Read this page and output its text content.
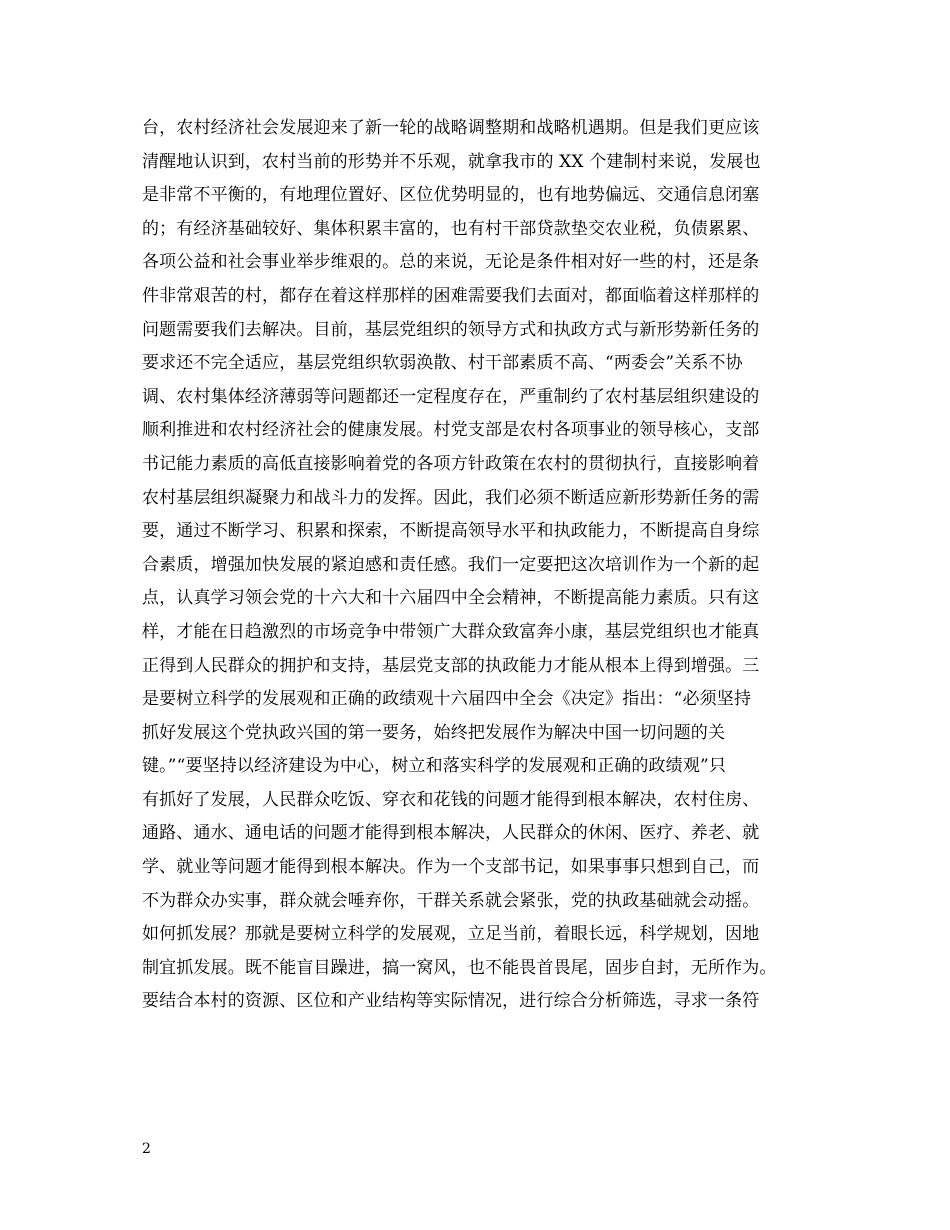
台，农村经济社会发展迎来了新一轮的战略调整期和战略机遇期。但是我们更应该
清醒地认识到，农村当前的形势并不乐观，就拿我市的 XX 个建制村来说，发展也
是非常不平衡的，有地理位置好、区位优势明显的，也有地势偏远、交通信息闭塞
的；有经济基础较好、集体积累丰富的，也有村干部贷款垫交农业税，负债累累、
各项公益和社会事业举步维艰的。总的来说，无论是条件相对好一些的村，还是条
件非常艰苦的村，都存在着这样那样的困难需要我们去面对，都面临着这样那样的
问题需要我们去解决。目前，基层党组织的领导方式和执政方式与新形势新任务的
要求还不完全适应，基层党组织软弱涣散、村干部素质不高、“两委会”关系不协
调、农村集体经济薄弱等问题都还一定程度存在，严重制约了农村基层组织建设的
顺利推进和农村经济社会的健康发展。村党支部是农村各项事业的领导核心，支部
书记能力素质的高低直接影响着党的各项方针政策在农村的贯彻执行，直接影响着
农村基层组织凝聚力和战斗力的发挥。因此，我们必须不断适应新形势新任务的需
要，通过不断学习、积累和探索，不断提高领导水平和执政能力，不断提高自身综
合素质，增强加快发展的紧迫感和责任感。我们一定要把这次培训作为一个新的起
点，认真学习领会党的十六大和十六届四中全会精神，不断提高能力素质。只有这
样，才能在日趋激烈的市场竞争中带领广大群众致富奔小康，基层党组织也才能真
正得到人民群众的拥护和支持，基层党支部的执政能力才能从根本上得到增强。三
是要树立科学的发展观和正确的政绩观十六届四中全会《决定》指出：“必须坚持
抓好发展这个党执政兴国的第一要务，始终把发展作为解决中国一切问题的关
键。”“要坚持以经济建设为中心，树立和落实科学的发展观和正确的政绩观”只
有抓好了发展，人民群众吃饭、穿衣和花钱的问题才能得到根本解决，农村住房、
通路、通水、通电话的问题才能得到根本解决，人民群众的休闲、医疗、养老、就
学、就业等问题才能得到根本解决。作为一个支部书记，如果事事只想到自己，而
不为群众办实事，群众就会唾弃你，干群关系就会紧张，党的执政基础就会动摇。
如何抓发展？那就是要树立科学的发展观，立足当前，着眼长远，科学规划，因地
制宜抓发展。既不能盲目躁进，搞一窝风，也不能畏首畏尾，固步自封，无所作为。
要结合本村的资源、区位和产业结构等实际情况，进行综合分析筛选，寻求一条符
2
